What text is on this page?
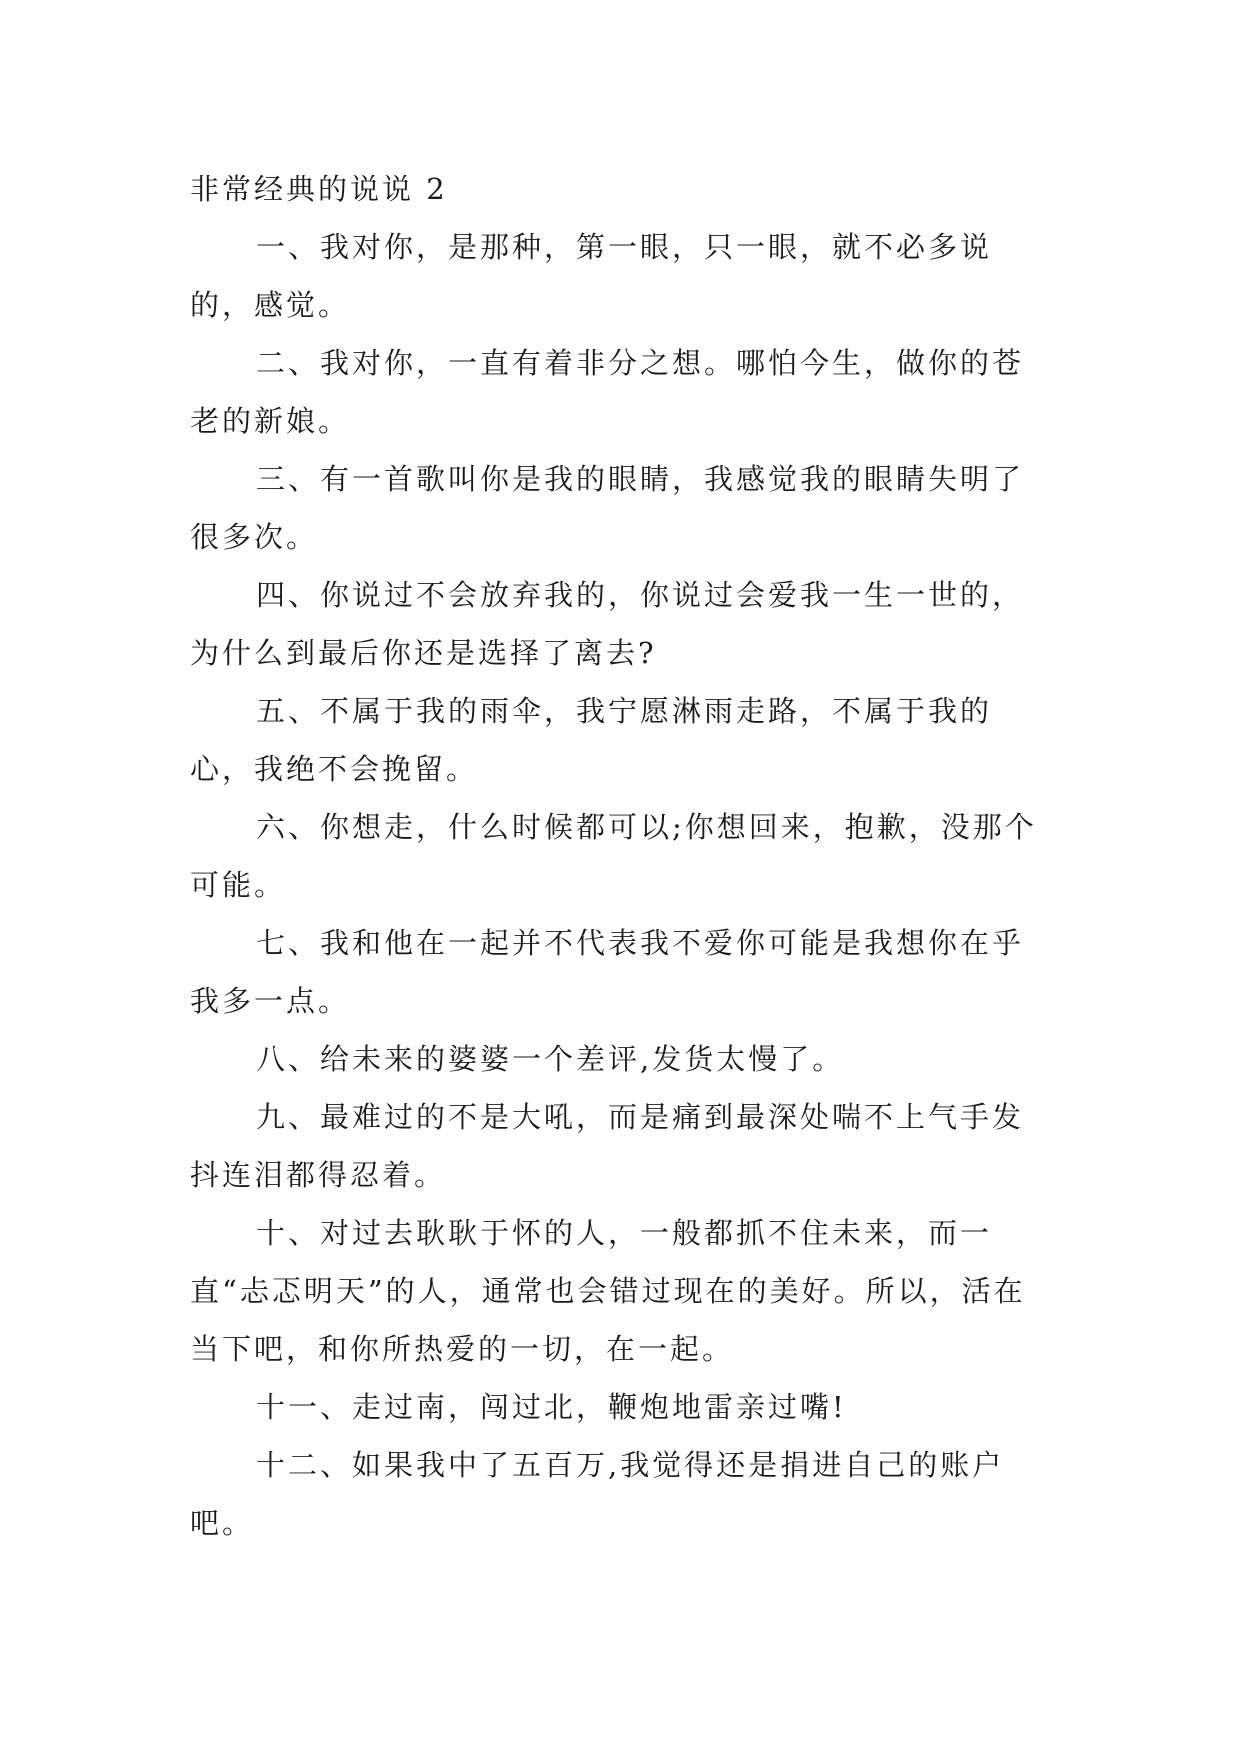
非常经典的说说 2

一、我对你，是那种，第一眼，只一眼，就不必多说的，感觉。

二、我对你，一直有着非分之想。哪怕今生，做你的苍老的新娘。

三、有一首歌叫你是我的眼睛，我感觉我的眼睛失明了很多次。

四、你说过不会放弃我的，你说过会爱我一生一世的，为什么到最后你还是选择了离去?

五、不属于我的雨伞，我宁愿淋雨走路，不属于我的心，我绝不会挽留。

六、你想走，什么时候都可以;你想回来，抱歉，没那个可能。

七、我和他在一起并不代表我不爱你可能是我想你在乎我多一点。

八、给未来的婆婆一个差评,发货太慢了。

九、最难过的不是大吼，而是痛到最深处喘不上气手发抖连泪都得忍着。

十、对过去耿耿于怀的人，一般都抓不住未来，而一直“忐忑明天”的人，通常也会错过现在的美好。所以，活在当下吧，和你所热爱的一切，在一起。

十一、走过南，闯过北，鞭炮地雷亲过嘴!

十二、如果我中了五百万,我觉得还是捐进自己的账户吧。
